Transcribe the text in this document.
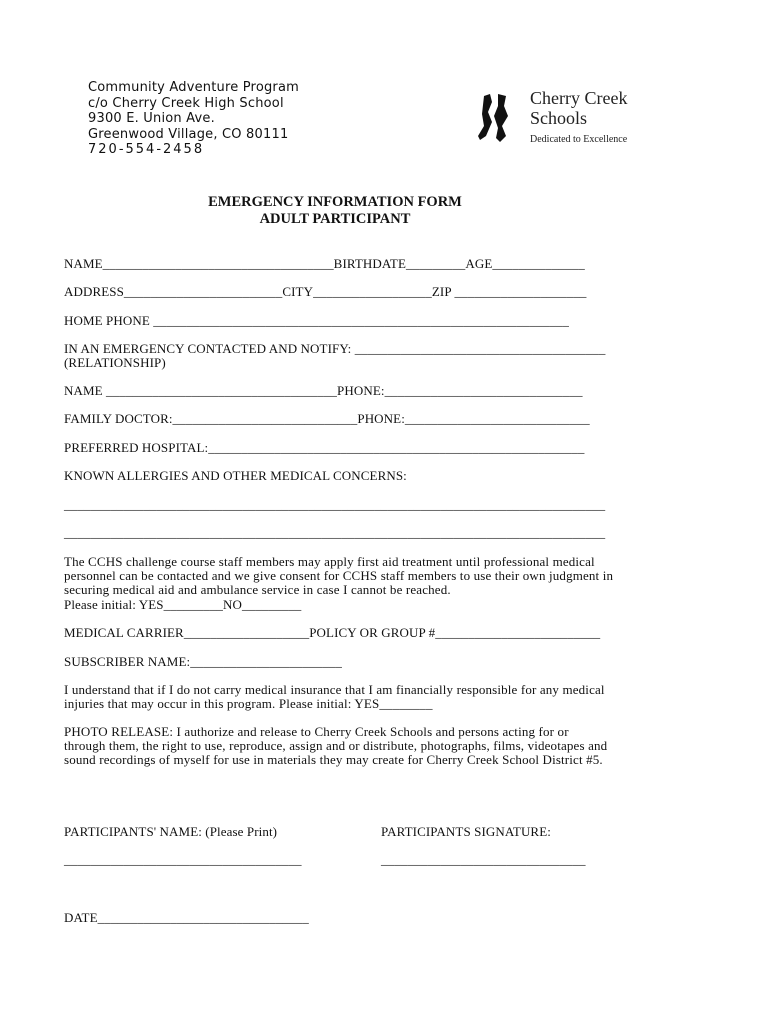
Community Adventure Program
c/o Cherry Creek High School
9300 E. Union Ave.
Greenwood Village, CO 80111
720-554-2458
Cherry Creek
Schools
Dedicated to Excellence
EMERGENCY INFORMATION FORM
ADULT PARTICIPANT
NAME___________________________________BIRTHDATE_________AGE______________
ADDRESS________________________CITY__________________ZIP ____________________
HOME PHONE _______________________________________________________________
IN AN EMERGENCY CONTACTED AND NOTIFY: ______________________________________
(RELATIONSHIP)
NAME ___________________________________PHONE:______________________________
FAMILY DOCTOR:____________________________PHONE:____________________________
PREFERRED HOSPITAL:_________________________________________________________
KNOWN ALLERGIES AND OTHER MEDICAL CONCERNS:
__________________________________________________________________________________
__________________________________________________________________________________
The CCHS challenge course staff members may apply first aid treatment until professional medical personnel can be contacted and we give consent for CCHS staff members to use their own judgment in securing medical aid and ambulance service in case I cannot be reached.
Please initial: YES_________NO_________
MEDICAL CARRIER___________________POLICY OR GROUP #_________________________
SUBSCRIBER NAME:_______________________
I understand that if I do not carry medical insurance that I am financially responsible for any medical injuries that may occur in this program. Please initial: YES________
PHOTO RELEASE: I authorize and release to Cherry Creek Schools and persons acting for or through them, the right to use, reproduce, assign and or distribute, photographs, films, videotapes and sound recordings of myself for use in materials they may create for Cherry Creek School District #5.
PARTICIPANTS' NAME: (Please Print)	PARTICIPANTS SIGNATURE:
____________________________________	_______________________________
DATE________________________________
